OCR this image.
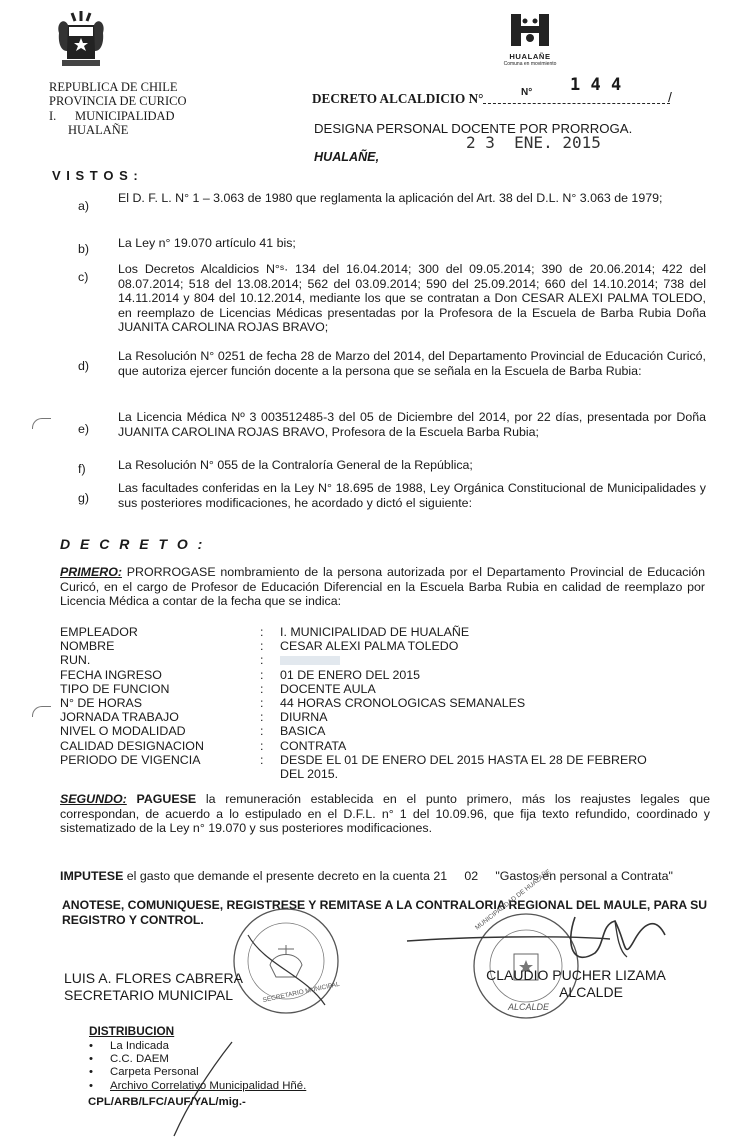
REPUBLICA DE CHILE
PROVINCIA DE CURICO
I.      MUNICIPALIDAD
HUALAÑE
HUALAÑE
Comuna en movimiento
DECRETO ALCALDICIO N°	/
N° 1 4 4
DESIGNA PERSONAL DOCENTE POR PRORROGA.
2 3  ENE. 2015
HUALAÑE,
V I S T O S :
a)
El D. F. L. N° 1 – 3.063 de 1980 que reglamenta la aplicación del Art. 38 del D.L. N° 3.063 de 1979;
b) La Ley n° 19.070 artículo 41 bis;
c)
Los Decretos Alcaldicios N°ˢ· 134 del 16.04.2014; 300 del 09.05.2014; 390 de 20.06.2014; 422 del 08.07.2014; 518 del 13.08.2014; 562 del 03.09.2014; 590 del 25.09.2014; 660 del 14.10.2014; 738 del 14.11.2014 y 804 del 10.12.2014, mediante los que se contratan a Don CESAR ALEXI PALMA TOLEDO, en reemplazo de Licencias Médicas presentadas por la Profesora de la Escuela de Barba Rubia Doña JUANITA CAROLINA ROJAS BRAVO;
d)
La Resolución N° 0251 de fecha 28 de Marzo del 2014, del Departamento Provincial de Educación Curicó, que autoriza ejercer función docente a la persona que se señala en la Escuela de Barba Rubia:
e)
La Licencia Médica Nº 3 003512485-3 del 05 de Diciembre del 2014, por 22 días, presentada por Doña JUANITA CAROLINA ROJAS BRAVO, Profesora de la Escuela Barba Rubia;
f)	La Resolución N° 055 de la Contraloría General de la República;
g)
Las facultades conferidas en la Ley N° 18.695 de 1988, Ley Orgánica Constitucional de Municipalidades y sus posteriores modificaciones, he acordado y dictó el siguiente:
D E C R E T O :
PRIMERO: PRORROGASE nombramiento de la persona autorizada por el Departamento Provincial de Educación Curicó, en el cargo de Profesor de Educación Diferencial en la Escuela Barba Rubia en calidad de reemplazo por Licencia Médica a contar de la fecha que se indica:
EMPLEADOR	:	I. MUNICIPALIDAD DE HUALAÑE
NOMBRE	:	CESAR ALEXI PALMA TOLEDO
RUN.	:
FECHA INGRESO	:	01 DE ENERO DEL 2015
TIPO DE FUNCION	:	DOCENTE AULA
N° DE HORAS	:	44 HORAS CRONOLOGICAS SEMANALES
JORNADA TRABAJO	:	DIURNA
NIVEL O MODALIDAD	:	BASICA
CALIDAD DESIGNACION	:	CONTRATA
PERIODO DE VIGENCIA	:	DESDE EL 01 DE ENERO DEL 2015 HASTA EL 28 DE FEBRERO DEL 2015.
SEGUNDO: PAGUESE la remuneración establecida en el punto primero, más los reajustes legales que correspondan, de acuerdo a lo estipulado en el D.F.L. n° 1 del 10.09.96, que fija texto refundido, coordinado y sistematizado de la Ley n° 19.070 y sus posteriores modificaciones.

IMPUTESE el gasto que demande el presente decreto en la cuenta 21     02     "Gastos en personal a Contrata"
ANOTESE, COMUNIQUESE, REGISTRESE Y REMITASE A LA CONTRALORIA REGIONAL DEL MAULE, PARA SU REGISTRO Y CONTROL.
SECRETARIO MUNICIPAL
MUNICIPALIDAD DE HUALAÑE
ALCALDE
LUIS A. FLORES CABRERA
SECRETARIO MUNICIPAL
CLAUDIO PUCHER LIZAMA
ALCALDE
DISTRIBUCION
• La Indicada
• C.C. DAEM
• Carpeta Personal
• Archivo Correlativo Municipalidad Hñé.
CPL/ARB/LFC/AUF/YAL/mig.-
